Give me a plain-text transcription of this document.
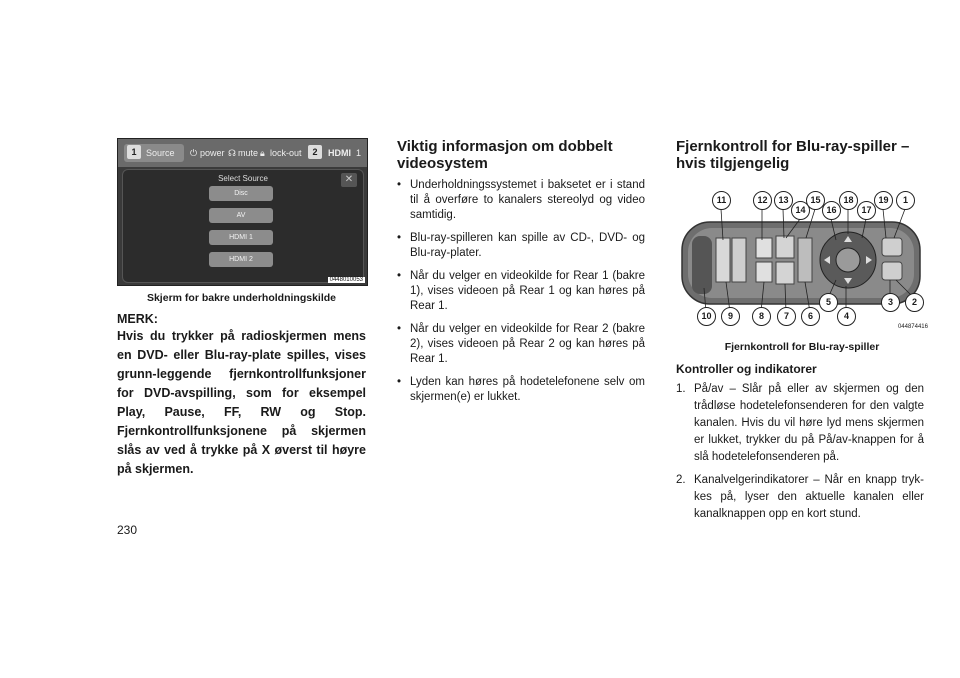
1	Source ⏻ power ☊ mute 🔒︎ lock-out	2	HDMI 1
Select Source	✕
Disc
AV
HDMI 1
HDMI 2
0448010053
Skjerm for bakre underholdningskilde
MERK:
Hvis du trykker på radioskjermen mens en DVD- eller Blu-ray-plate spilles, vises grunn-leggende fjernkontrollfunksjoner for DVD-avspilling, som for eksempel Play, Pause, FF, RW og Stop. Fjernkontrollfunksjonene på skjermen slås av ved å trykke på X øverst til høyre på skjermen.
230
Viktig informasjon om dobbelt videosystem
• Underholdningssystemet i baksetet er i stand til å overføre to kanalers stereolyd og video samtidig.
• Blu-ray-spilleren kan spille av CD-, DVD- og Blu-ray-plater.
• Når du velger en videokilde for Rear 1 (bakre 1), vises videoen på Rear 1 og kan høres på Rear 1.
• Når du velger en videokilde for Rear 2 (bakre 2), vises videoen på Rear 2 og kan høres på Rear 1.
• Lyden kan høres på hodetelefonene selv om skjermen(e) er lukket.
Fjernkontroll for Blu-ray-spiller – hvis tilgjengelig
11	12	13
14
15
16
18
17
19	1
10	9	8	7	6
5
4
3	2
044874416
Fjernkontroll for Blu-ray-spiller
Kontroller og indikatorer
1. På/av – Slår på eller av skjermen og den trådløse hodetelefonsenderen for den valgte kanalen. Hvis du vil høre lyd mens skjermen er lukket, trykker du på På/av-knappen for å slå hodetelefonsenderen på.
2. Kanalvelgerindikatorer – Når en knapp tryk-kes på, lyser den aktuelle kanalen eller kanalknappen opp en kort stund.
